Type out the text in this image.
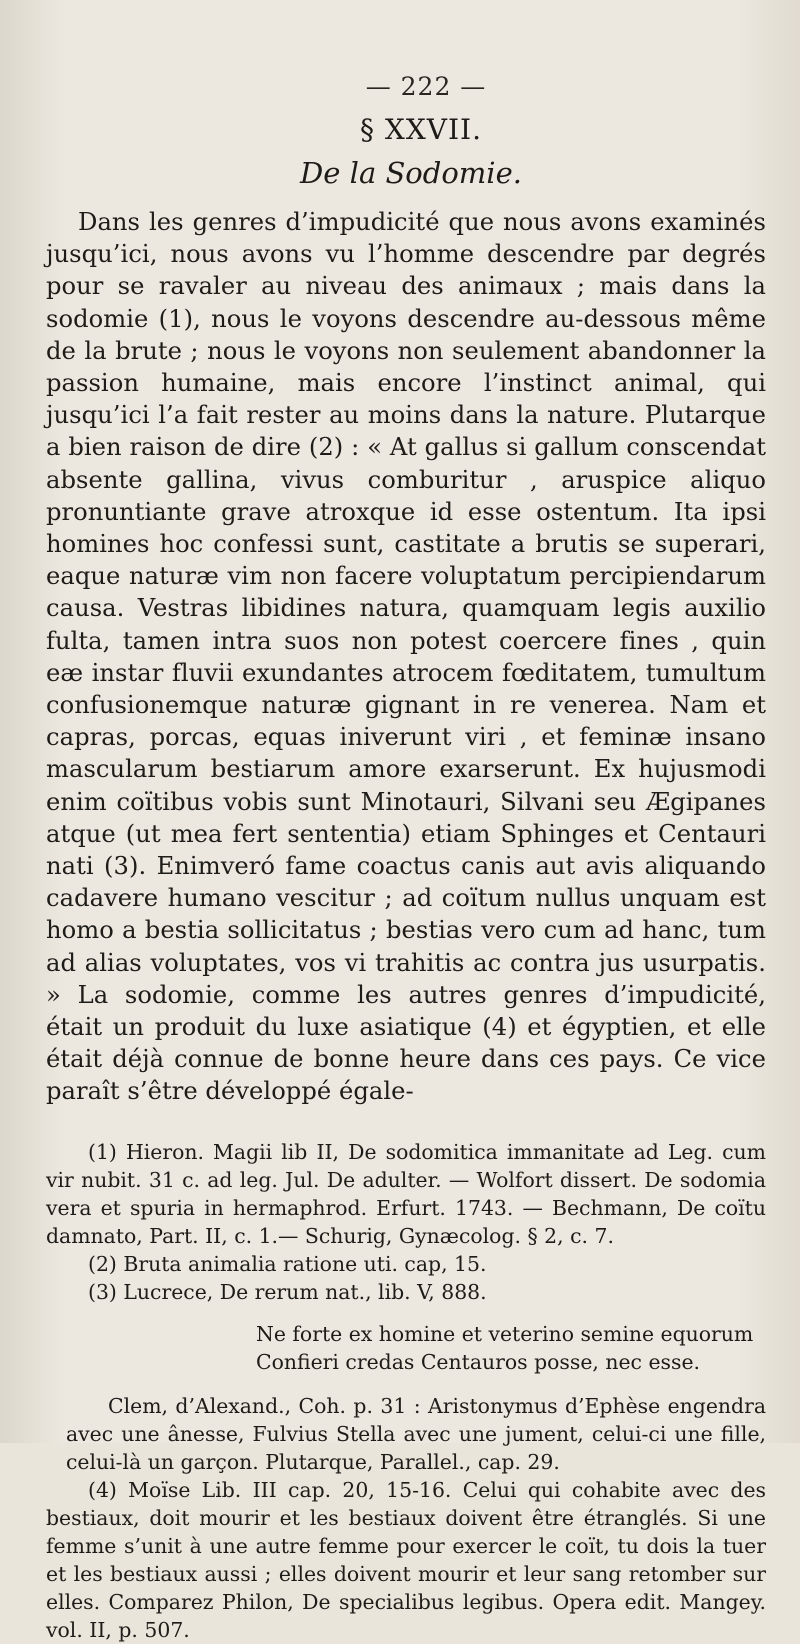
— 222 —
§ XXVII.
De la Sodomie.

Dans les genres d’impudicité que nous avons examinés jusqu’ici, nous avons vu l’homme descendre par degrés pour se ravaler au niveau des animaux ; mais dans la sodomie (1), nous le voyons descendre au-dessous même de la brute ; nous le voyons non seulement abandonner la passion humaine, mais encore l’instinct animal, qui jusqu’ici l’a fait rester au moins dans la nature. Plutarque a bien raison de dire (2) : « At gallus si gallum conscendat absente gallina, vivus comburitur , aruspice aliquo pronuntiante grave atroxque id esse ostentum. Ita ipsi homines hoc confessi sunt, castitate a brutis se superari, eaque naturæ vim non facere voluptatum percipiendarum causa. Vestras libidines natura, quamquam legis auxilio fulta, tamen intra suos non potest coercere fines , quin eæ instar fluvii exundantes atrocem fœditatem, tumultum confusionemque naturæ gignant in re venerea. Nam et capras, porcas, equas iniverunt viri , et feminæ insano mascularum bestiarum amore exarserunt. Ex hujusmodi enim coïtibus vobis sunt Minotauri, Silvani seu Ægipanes atque (ut mea fert sententia) etiam Sphinges et Centauri nati (3). Enimveró fame coactus canis aut avis aliquando cadavere humano vescitur ; ad coïtum nullus unquam est homo a bestia sollicitatus ; bestias vero cum ad hanc, tum ad alias voluptates, vos vi trahitis ac contra jus usurpatis. » La sodomie, comme les autres genres d’impudicité, était un produit du luxe asiatique (4) et égyptien, et elle était déjà connue de bonne heure dans ces pays. Ce vice paraît s’être développé égale-

(1) Hieron. Magii lib II, De sodomitica immanitate ad Leg. cum vir nubit. 31 c. ad leg. Jul. De adulter. — Wolfort dissert. De sodomia vera et spuria in hermaphrod. Erfurt. 1743. — Bechmann, De coïtu damnato, Part. II, c. 1.— Schurig, Gynæcolog. § 2, c. 7.

(2) Bruta animalia ratione uti. cap, 15.

(3) Lucrece, De rerum nat., lib. V, 888.

Ne forte ex homine et veterino semine equorum

Confieri credas Centauros posse, nec esse.

Clem, d’Alexand., Coh. p. 31 : Aristonymus d’Ephèse engendra avec une ânesse, Fulvius Stella avec une jument, celui-ci une fille, celui-là un garçon. Plutarque, Parallel., cap. 29.

(4) Moïse Lib. III cap. 20, 15-16. Celui qui cohabite avec des bestiaux, doit mourir et les bestiaux doivent être étranglés. Si une femme s’unit à une autre femme pour exercer le coït, tu dois la tuer et les bestiaux aussi ; elles doivent mourir et leur sang retomber sur elles. Comparez Philon, De specialibus legibus. Opera edit. Mangey. vol. II, p. 507.
